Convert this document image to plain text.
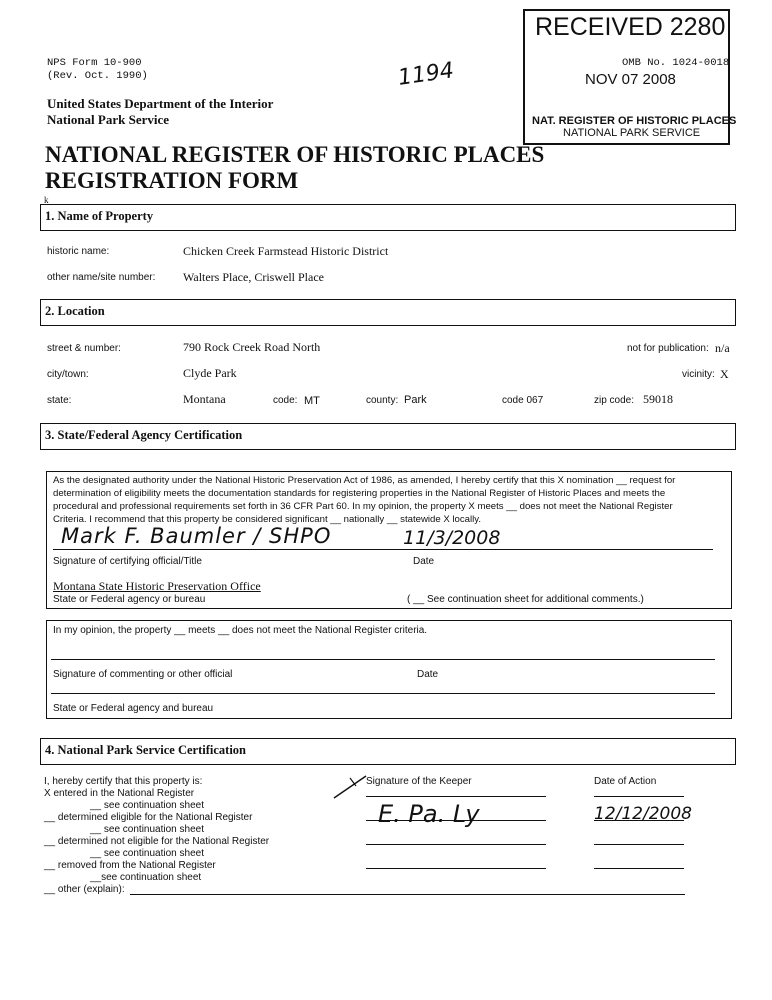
NPS Form 10-900
(Rev. Oct. 1990)	1194	OMB No. 1024-0018
United States Department of the Interior
National Park Service
NATIONAL REGISTER OF HISTORIC PLACES
REGISTRATION FORM
k
RECEIVED 2280
NOV 07 2008
NAT. REGISTER OF HISTORIC PLACES
NATIONAL PARK SERVICE
1. Name of Property
historic name:	Chicken Creek Farmstead Historic District
other name/site number: Walters Place, Criswell Place
2. Location
street & number:	790 Rock Creek Road North	not for publication: n/a
city/town:	Clyde Park	vicinity: X
state:	Montana	code: MT	county: Park	code 067	zip code: 59018
3. State/Federal Agency Certification
As the designated authority under the National Historic Preservation Act of 1986, as amended, I hereby certify that this X nomination __ request for
determination of eligibility meets the documentation standards for registering properties in the National Register of Historic Places and meets the
procedural and professional requirements set forth in 36 CFR Part 60. In my opinion, the property X meets __ does not meet the National Register
Criteria. I recommend that this property be considered significant __ nationally __ statewide X locally.
Mark F. Baumler / SHPO	11/3/2008
Signature of certifying official/Title	Date
Montana State Historic Preservation Office
State or Federal agency or bureau	( __ See continuation sheet for additional comments.)
In my opinion, the property __ meets __ does not meet the National Register criteria.
Signature of commenting or other official	Date
State or Federal agency and bureau
4. National Park Service Certification
I, hereby certify that this property is:
X entered in the National Register
__ see continuation sheet
__ determined eligible for the National Register
__ see continuation sheet
__ determined not eligible for the National Register
__ see continuation sheet
__ removed from the National Register
__see continuation sheet
__ other (explain):
Signature of the Keeper
E. Pa. Ly
Date of Action
12/12/2008
